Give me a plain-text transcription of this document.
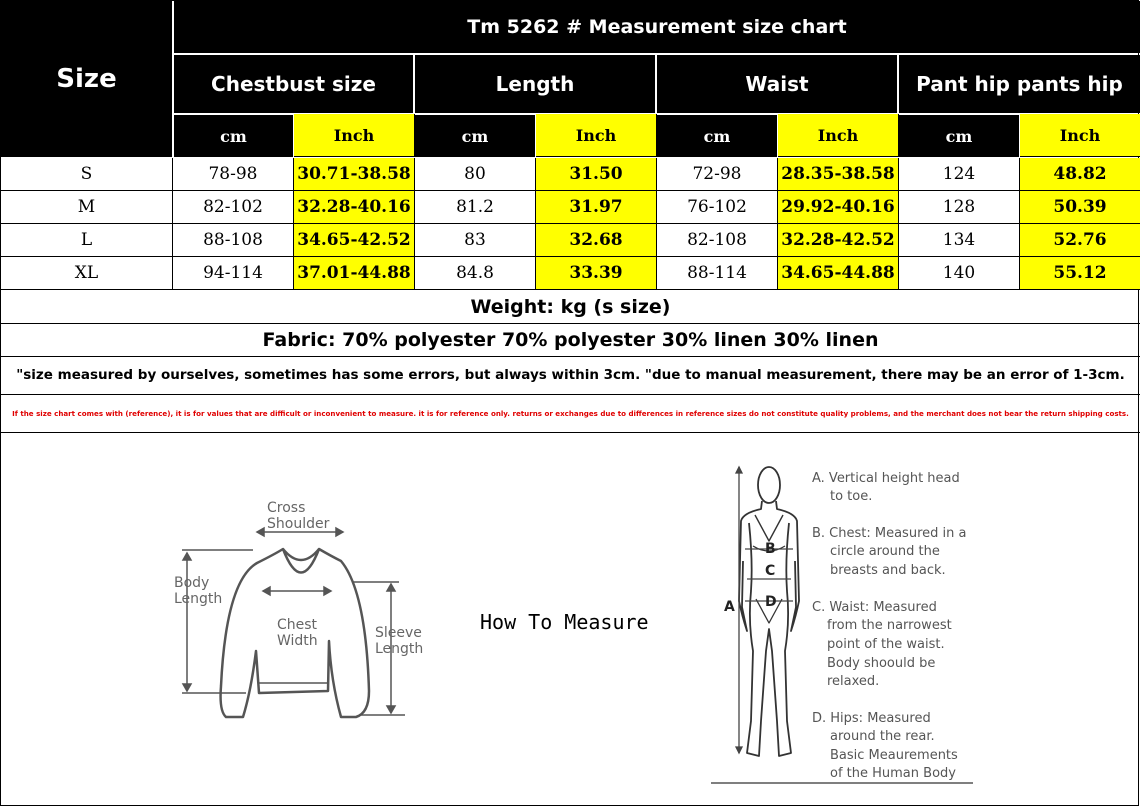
Size
Tm 5262 # Measurement size chart
Chestbust size	Length	Waist	Pant hip pants hip
cm	Inch	cm	Inch	cm	Inch	cm	Inch
S	78-98	30.71-38.58	80	31.50	72-98	28.35-38.58	124	48.82
M	82-102	32.28-40.16	81.2	31.97	76-102	29.92-40.16	128	50.39
L	88-108	34.65-42.52	83	32.68	82-108	32.28-42.52	134	52.76
XL	94-114	37.01-44.88	84.8	33.39	88-114	34.65-44.88	140	55.12
Weight: kg (s size)
Fabric: 70% polyester 70% polyester 30% linen 30% linen
"size measured by ourselves, sometimes has some errors, but always within 3cm. "due to manual measurement, there may be an error of 1-3cm.
If the size chart comes with (reference), it is for values that are difficult or inconvenient to measure. it is for reference only. returns or exchanges due to differences in reference sizes do not constitute quality problems, and the merchant does not bear the return shipping costs.
Cross
Shoulder
Body
Length
Chest
Width	Sleeve
Length
How To Measure
A
B
C
D
A. Vertical height head
to toe.
B. Chest: Measured in a
circle around the
breasts and back.
C. Waist: Measured
from the narrowest
point of the waist.
Body shoould be
relaxed.
D. Hips: Measured
around the rear.
Basic Meaurements
of the Human Body
